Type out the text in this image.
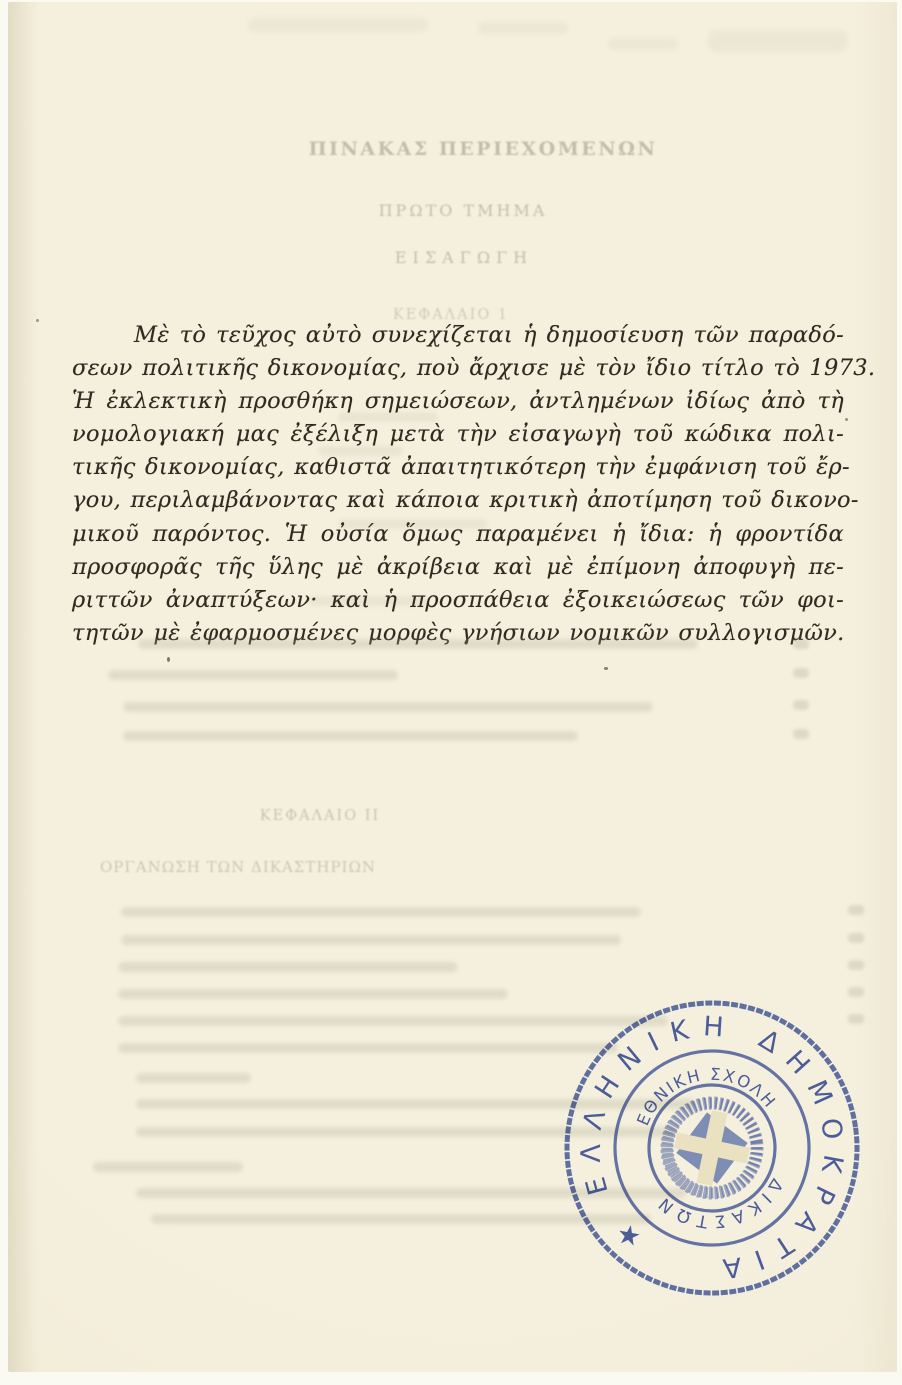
ΠΙΝΑΚΑΣ ΠΕΡΙΕΧΟΜΕΝΩΝ
ΠΡΩΤΟ ΤΜΗΜΑ
ΕΙΣΑΓΩΓΗ
ΚΕΦΑΛΑΙΟ 1
ΚΕΦΑΛΑΙΟ ΙΙ
ΟΡΓΑΝΩΣΗ ΤΩΝ ΔΙΚΑΣΤΗΡΙΩΝ
Μὲ τὸ τεῦχος αὐτὸ συνεχίζεται ἡ δημοσίευση τῶν παραδό-
σεων πολιτικῆς δικονομίας, ποὺ ἄρχισε μὲ τὸν ἴδιο τίτλο τὸ 1973.
Ἡ ἐκλεκτικὴ προσθήκη σημειώσεων, ἀντλημένων ἰδίως ἀπὸ τὴ
νομολογιακή μας ἐξέλιξη μετὰ τὴν εἰσαγωγὴ τοῦ κώδικα πολι-
τικῆς δικονομίας, καθιστᾶ ἀπαιτητικότερη τὴν ἐμφάνιση τοῦ ἔρ-
γου, περιλαμβάνοντας καὶ κάποια κριτικὴ ἀποτίμηση τοῦ δικονο-
μικοῦ παρόντος. Ἡ οὐσία ὅμως παραμένει ἡ ἴδια: ἡ φροντίδα
προσφορᾶς τῆς ὕλης μὲ ἀκρίβεια καὶ μὲ ἐπίμονη ἀποφυγὴ πε-
ριττῶν ἀναπτύξεων· καὶ ἡ προσπάθεια ἐξοικειώσεως τῶν φοι-
τητῶν μὲ ἐφαρμοσμένες μορφὲς γνήσιων νομικῶν συλλογισμῶν.
★ ΕΛΛΗΝΙΚΗ ΔΗΜΟΚΡΑΤΙΑ
ΕΘΝΙΚΗ ΣΧΟΛΗ
ΔΙΚΑΣΤΩΝ
